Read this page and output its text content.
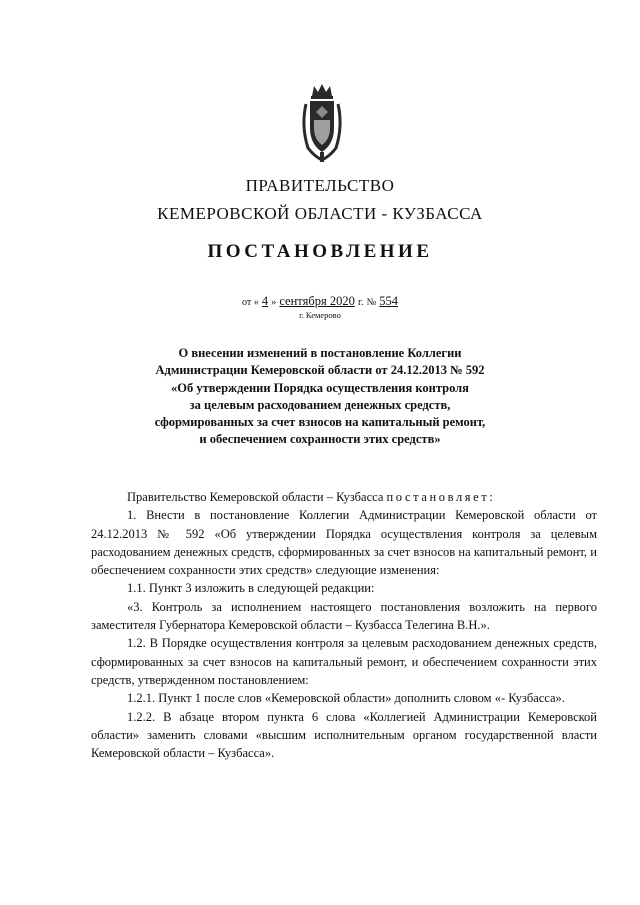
ПРАВИТЕЛЬСТВО
КЕМЕРОВСКОЙ ОБЛАСТИ - КУЗБАССА
ПОСТАНОВЛЕНИЕ
от « 4 » сентября 2020 г. № 554
г. Кемерово
О внесении изменений в постановление Коллегии
Администрации Кемеровской области от 24.12.2013 № 592
«Об утверждении Порядка осуществления контроля
за целевым расходованием денежных средств,
сформированных за счет взносов на капитальный ремонт,
и обеспечением сохранности этих средств»

Правительство Кемеровской области – Кузбасса постановляет:

1. Внести в постановление Коллегии Администрации Кемеровской области от 24.12.2013 № 592 «Об утверждении Порядка осуществления контроля за целевым расходованием денежных средств, сформированных за счет взносов на капитальный ремонт, и обеспечением сохранности этих средств» следующие изменения:

1.1. Пункт 3 изложить в следующей редакции:

«3. Контроль за исполнением настоящего постановления возложить на первого заместителя Губернатора Кемеровской области – Кузбасса Телегина В.Н.».

1.2. В Порядке осуществления контроля за целевым расходованием денежных средств, сформированных за счет взносов на капитальный ремонт, и обеспечением сохранности этих средств, утвержденном постановлением:

1.2.1. Пункт 1 после слов «Кемеровской области» дополнить словом «- Кузбасса».

1.2.2. В абзаце втором пункта 6 слова «Коллегией Администрации Кемеровской области» заменить словами «высшим исполнительным органом государственной власти Кемеровской области – Кузбасса».
